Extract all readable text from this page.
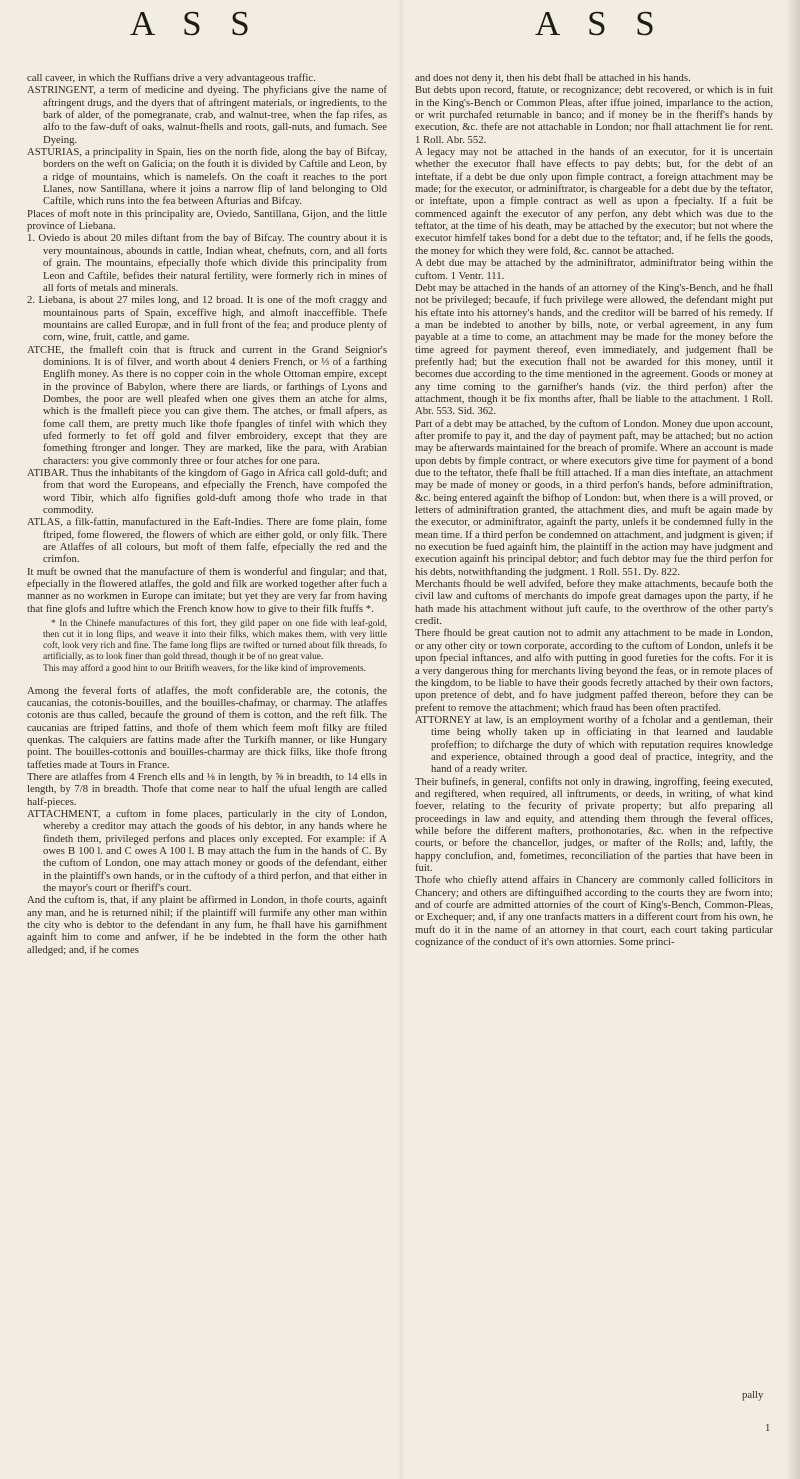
A S S	A S S

call caveer, in which the Ruffians drive a very advantageous traffic.

ASTRINGENT, a term of medicine and dyeing. The phyficians give the name of aftringent drugs, and the dyers that of aftringent materials, or ingredients, to the bark of alder, of the pomegranate, crab, and walnut-tree, when the fap rifes, as alfo to the faw-duft of oaks, walnut-fhells and roots, gall-nuts, and fumach. See Dyeing.

ASTURIAS, a principality in Spain, lies on the north fide, along the bay of Bifcay, borders on the weft on Galicia; on the fouth it is divided by Caftile and Leon, by a ridge of mountains, which is namelefs. On the coaft it reaches to the port Llanes, now Santillana, where it joins a narrow flip of land belonging to Old Caftile, which runs into the fea between Afturias and Bifcay.

Places of moft note in this principality are, Oviedo, Santillana, Gijon, and the little province of Liebana.

1. Oviedo is about 20 miles diftant from the bay of Bifcay. The country about it is very mountainous, abounds in cattle, Indian wheat, chefnuts, corn, and all forts of grain. The mountains, efpecially thofe which divide this principality from Leon and Caftile, befides their natural fertility, were formerly rich in mines of all forts of metals and minerals.

2. Liebana, is about 27 miles long, and 12 broad. It is one of the moft craggy and mountainous parts of Spain, exceffive high, and almoft inacceffible. Thefe mountains are called Europæ, and in full front of the fea; and produce plenty of corn, wine, fruit, cattle, and game.

ATCHE, the fmalleft coin that is ftruck and current in the Grand Seignior's dominions. It is of filver, and worth about 4 deniers French, or ⅓ of a farthing Englifh money. As there is no copper coin in the whole Ottoman empire, except in the province of Babylon, where there are liards, or farthings of Lyons and Dombes, the poor are well pleafed when one gives them an atche for alms, which is the fmalleft piece you can give them. The atches, or fmall afpers, as fome call them, are pretty much like thofe fpangles of tinfel with which they ufed formerly to fet off gold and filver embroidery, except that they are fomething ftronger and longer. They are marked, like the para, with Arabian characters: you give commonly three or four atches for one para.

ATIBAR. Thus the inhabitants of the kingdom of Gago in Africa call gold-duft; and from that word the Europeans, and efpecially the French, have compofed the word Tibir, which alfo fignifies gold-duft among thofe who trade in that commodity.

ATLAS, a filk-fattin, manufactured in the Eaft-Indies. There are fome plain, fome ftriped, fome flowered, the flowers of which are either gold, or only filk. There are Atlaffes of all colours, but moft of them falfe, efpecially the red and the crimfon.

It muft be owned that the manufacture of them is wonderful and fingular; and that, efpecially in the flowered atlaffes, the gold and filk are worked together after fuch a manner as no workmen in Europe can imitate; but yet they are very far from having that fine glofs and luftre which the French know how to give to their filk ftuffs *.

* In the Chinefe manufactures of this fort, they gild paper on one fide with leaf-gold, then cut it in long flips, and weave it into their filks, which makes them, with very little coft, look very rich and fine. The fame long flips are twifted or turned about filk threads, fo artificially, as to look finer than gold thread, though it be of no great value.

This may afford a good hint to our Britifh weavers, for the like kind of improvements.

Among the feveral forts of atlaffes, the moft confiderable are, the cotonis, the caucanias, the cotonis-bouilles, and the bouilles-chafmay, or charmay. The atlaffes cotonis are thus called, becaufe the ground of them is cotton, and the reft filk. The caucanias are ftriped fattins, and thofe of them which feem moft filky are ftiled quenkas. The calquiers are fattins made after the Turkifh manner, or like Hungary point. The bouilles-cottonis and bouilles-charmay are thick filks, like thofe ftrong taffeties made at Tours in France.

There are atlaffes from 4 French ells and ⅛ in length, by ⅝ in breadth, to 14 ells in length, by 7/8 in breadth. Thofe that come near to half the ufual length are called half-pieces.

ATTACHMENT, a cuftom in fome places, particularly in the city of London, whereby a creditor may attach the goods of his debtor, in any hands where he findeth them, privileged perfons and places only excepted. For example: if A owes B 100 l. and C owes A 100 l. B may attach the fum in the hands of C. By the cuftom of London, one may attach money or goods of the defendant, either in the plaintiff's own hands, or in the cuftody of a third perfon, and that either in the mayor's court or fheriff's court.

And the cuftom is, that, if any plaint be affirmed in London, in thofe courts, againft any man, and he is returned nihil; if the plaintiff will furmife any other man within the city who is debtor to the defendant in any fum, he fhall have his garnifhment againft him to come and anfwer, if he be indebted in the form the other hath alledged; and, if he comes

and does not deny it, then his debt fhall be attached in his hands.

But debts upon record, ftatute, or recognizance; debt recovered, or which is in fuit in the King's-Bench or Common Pleas, after iffue joined, imparlance to the action, or writ purchafed returnable in banco; and if money be in the fheriff's hands by execution, &c. thefe are not attachable in London; nor fhall attachment lie for rent. 1 Roll. Abr. 552.

A legacy may not be attached in the hands of an executor, for it is uncertain whether the executor fhall have effects to pay debts; but, for the debt of an inteftate, if a debt be due only upon fimple contract, a foreign attachment may be made; for the executor, or adminiftrator, is chargeable for a debt due by the teftator, or inteftate, upon a fimple contract as well as upon a fpecialty. If a fuit be commenced againft the executor of any perfon, any debt which was due to the teftator, at the time of his death, may be attached by the executor; but not where the executor himfelf takes bond for a debt due to the teftator; and, if he fells the goods, the money for which they were fold, &c. cannot be attached.

A debt due may be attached by the adminiftrator, adminiftrator being within the cuftom. 1 Ventr. 111.

Debt may be attached in the hands of an attorney of the King's-Bench, and he fhall not be privileged; becaufe, if fuch privilege were allowed, the defendant might put his eftate into his attorney's hands, and the creditor will be barred of his remedy. If a man be indebted to another by bills, note, or verbal agreement, in any fum payable at a time to come, an attachment may be made for the money before the time agreed for payment thereof, even immediately, and judgement fhall be prefently had; but the execution fhall not be awarded for this money, until it becomes due according to the time mentioned in the agreement. Goods or money at any time coming to the garnifher's hands (viz. the third perfon) after the attachment, though it be fix months after, fhall be liable to the attachment. 1 Roll. Abr. 553. Sid. 362.

Part of a debt may be attached, by the cuftom of London. Money due upon account, after promife to pay it, and the day of payment paft, may be attached; but no action may be afterwards maintained for the breach of promife. Where an account is made upon debts by fimple contract, or where executors give time for payment of a bond due to the teftator, thefe fhall be ftill attached. If a man dies inteftate, an attachment may be made of money or goods, in a third perfon's hands, before adminiftration, &c. being entered againft the bifhop of London: but, when there is a will proved, or letters of adminiftration granted, the attachment dies, and muft be again made by the executor, or adminiftrator, againft the party, unlefs it be condemned fully in the mean time. If a third perfon be condemned on attachment, and judgment is given; if no execution be fued againft him, the plaintiff in the action may have judgment and execution againft his principal debtor; and fuch debtor may fue the third perfon for his debts, notwithftanding the judgment. 1 Roll. 551. Dy. 822.

Merchants fhould be well advifed, before they make attachments, becaufe both the civil law and cuftoms of merchants do impofe great damages upon the party, if he hath made his attachment without juft caufe, to the overthrow of the other party's credit.

There fhould be great caution not to admit any attachment to be made in London, or any other city or town corporate, according to the cuftom of London, unlefs it be upon fpecial inftances, and alfo with putting in good fureties for the cofts. For it is a very dangerous thing for merchants living beyond the feas, or in remote places of the kingdom, to be liable to have their goods fecretly attached by their own factors, upon pretence of debt, and fo have judgment paffed thereon, before they can be prefent to remove the attachment; which fraud has been often practifed.

ATTORNEY at law, is an employment worthy of a fcholar and a gentleman, their time being wholly taken up in officiating in that learned and laudable profeffion; to difcharge the duty of which with reputation requires knowledge and experience, obtained through a good deal of practice, integrity, and the hand of a ready writer.

Their bufinefs, in general, confifts not only in drawing, ingroffing, feeing executed, and regiftered, when required, all inftruments, or deeds, in writing, of what kind foever, relating to the fecurity of private property; but alfo preparing all proceedings in law and equity, and attending them through the feveral offices, while before the different mafters, prothonotaries, &c. when in the refpective courts, or before the chancellor, judges, or mafter of the Rolls; and, laftly, the happy conclufion, and, fometimes, reconciliation of the parties that have been in fuit.

Thofe who chiefly attend affairs in Chancery are commonly called follicitors in Chancery; and others are diftinguifhed according to the courts they are fworn into; and of courfe are admitted attornies of the court of King's-Bench, Common-Pleas, or Exchequer; and, if any one tranfacts matters in a different court from his own, he muft do it in the name of an attorney in that court, each court taking particular cognizance of the conduct of it's own attornies. Some princi-

pally
1
